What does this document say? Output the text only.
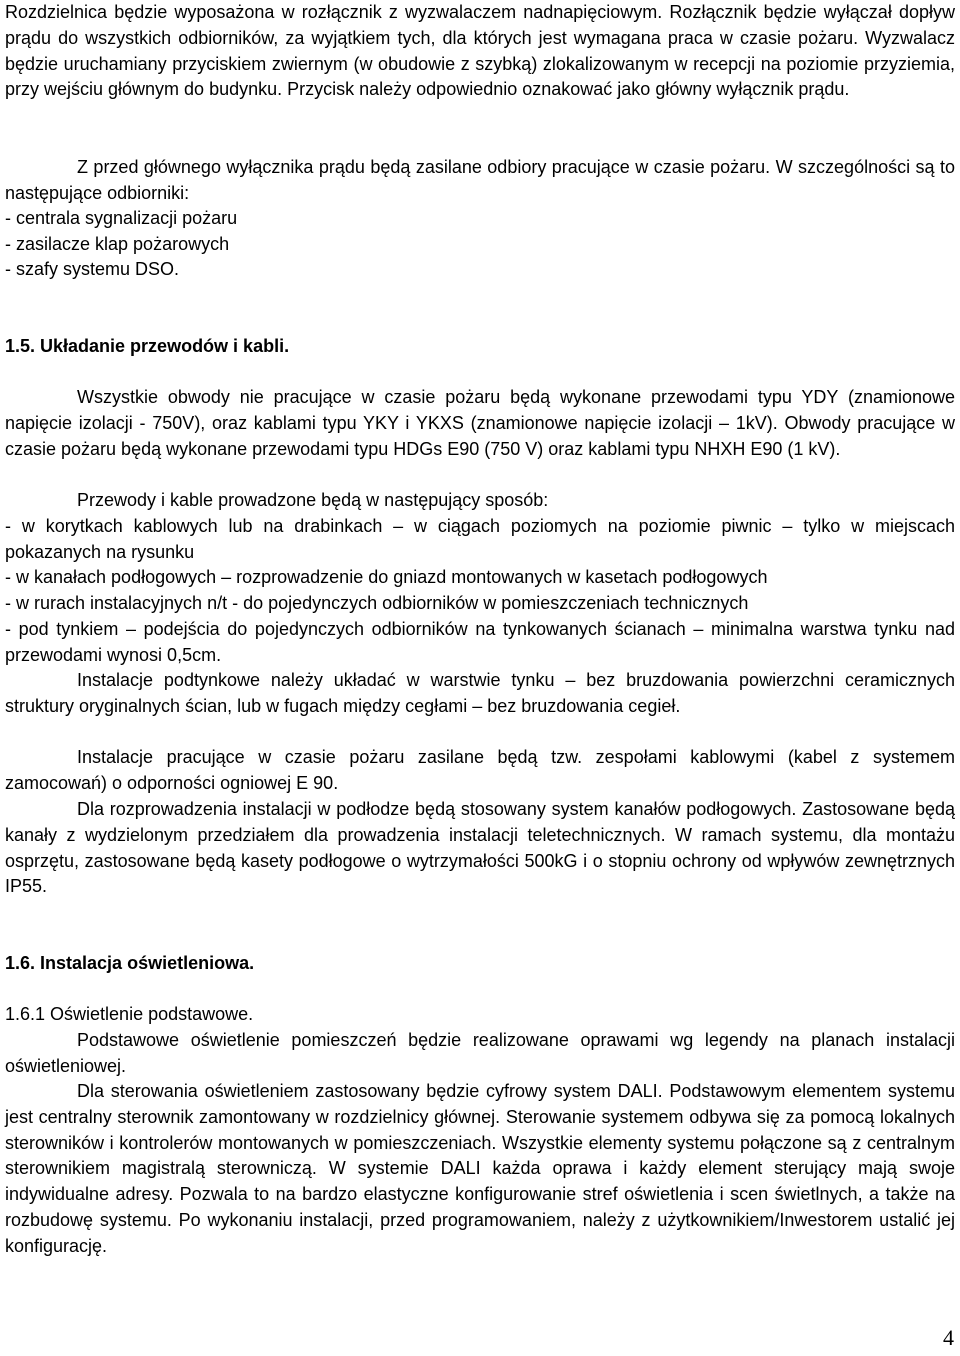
Rozdzielnica będzie wyposażona w rozłącznik z wyzwalaczem nadnapięciowym. Rozłącznik będzie wyłączał dopływ prądu do wszystkich odbiorników, za wyjątkiem tych, dla których jest wymagana praca w czasie pożaru. Wyzwalacz będzie uruchamiany przyciskiem zwiernym (w obudowie z szybką) zlokalizowanym w recepcji na poziomie przyziemia, przy wejściu głównym do budynku. Przycisk należy odpowiednio oznakować jako główny wyłącznik prądu.

Z przed głównego wyłącznika prądu będą zasilane odbiory pracujące w czasie pożaru. W szczególności są to następujące odbiorniki:

- centrala sygnalizacji pożaru

- zasilacze klap pożarowych

- szafy systemu DSO.

1.5. Układanie przewodów i kabli.

Wszystkie obwody nie pracujące w czasie pożaru będą wykonane przewodami typu YDY (znamionowe napięcie izolacji - 750V), oraz kablami typu YKY i YKXS (znamionowe napięcie izolacji – 1kV). Obwody pracujące w czasie pożaru będą wykonane przewodami typu HDGs E90 (750 V) oraz kablami typu NHXH E90 (1 kV).

Przewody i kable prowadzone będą w następujący sposób:

- w korytkach kablowych lub na drabinkach – w ciągach poziomych na poziomie piwnic – tylko w miejscach pokazanych na rysunku

- w kanałach podłogowych – rozprowadzenie do gniazd montowanych w kasetach podłogowych

- w rurach instalacyjnych n/t - do pojedynczych odbiorników w pomieszczeniach technicznych

- pod tynkiem – podejścia do pojedynczych odbiorników na tynkowanych ścianach – minimalna warstwa tynku nad przewodami wynosi 0,5cm.

Instalacje podtynkowe należy układać w warstwie tynku – bez bruzdowania powierzchni ceramicznych struktury oryginalnych ścian, lub w fugach między cegłami – bez bruzdowania cegieł.

Instalacje pracujące w czasie pożaru zasilane będą tzw. zespołami kablowymi (kabel z systemem zamocowań) o odporności ogniowej E 90.

Dla rozprowadzenia instalacji w podłodze będą stosowany system kanałów podłogowych. Zastosowane będą kanały z wydzielonym przedziałem dla prowadzenia instalacji teletechnicznych. W ramach systemu, dla montażu osprzętu, zastosowane będą kasety podłogowe o wytrzymałości 500kG i o stopniu ochrony od wpływów zewnętrznych IP55.

1.6. Instalacja oświetleniowa.

1.6.1 Oświetlenie podstawowe.

Podstawowe oświetlenie pomieszczeń będzie realizowane oprawami wg legendy na planach instalacji oświetleniowej.

Dla sterowania oświetleniem zastosowany będzie cyfrowy system DALI. Podstawowym elementem systemu jest centralny sterownik zamontowany w rozdzielnicy głównej. Sterowanie systemem odbywa się za pomocą lokalnych sterowników i kontrolerów montowanych w pomieszczeniach. Wszystkie elementy systemu połączone są z centralnym sterownikiem magistralą sterowniczą. W systemie DALI każda oprawa i każdy element sterujący mają swoje indywidualne adresy. Pozwala to na bardzo elastyczne konfigurowanie stref oświetlenia i scen świetlnych, a także na rozbudowę systemu. Po wykonaniu instalacji, przed programowaniem, należy z użytkownikiem/Inwestorem ustalić jej konfigurację.

4
